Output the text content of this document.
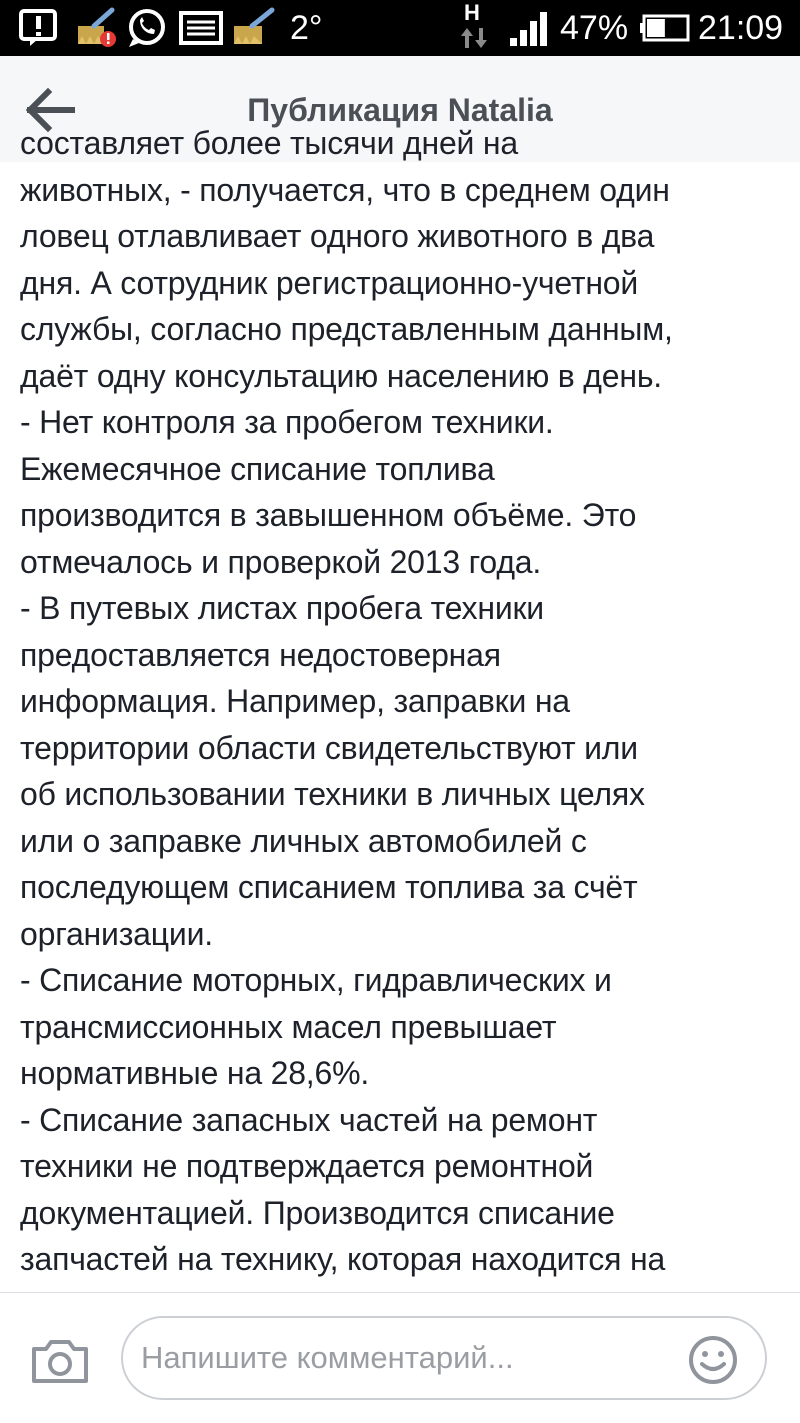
2°	H 47% 21:09
Публикация Natalia
составляет более тысячи дней на
животных, - получается, что в среднем один
ловец отлавливает одного животного в два
дня. А сотрудник регистрационно-учетной
службы, согласно представленным данным,
даёт одну консультацию населению в день.
- Нет контроля за пробегом техники.
Ежемесячное списание топлива
производится в завышенном объёме. Это
отмечалось и проверкой 2013 года.
- В путевых листах пробега техники
предоставляется недостоверная
информация. Например, заправки на
территории области свидетельствуют или
об использовании техники в личных целях
или о заправке личных автомобилей с
последующем списанием топлива за счёт
организации.
- Списание моторных, гидравлических и
трансмиссионных масел превышает
нормативные на 28,6%.
- Списание запасных частей на ремонт
техники не подтверждается ремонтной
документацией. Производится списание
запчастей на технику, которая находится на
Напишите комментарий...
